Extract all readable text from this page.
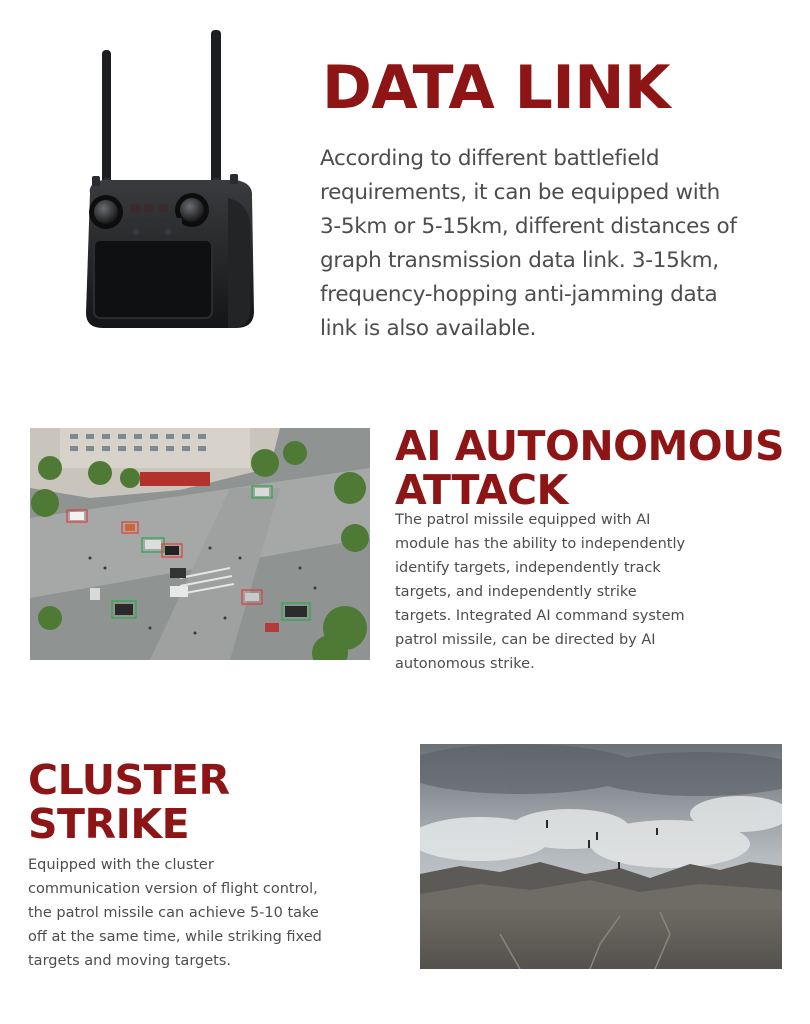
DATA LINK

According to different battlefield
requirements, it can be equipped with
3-5km or 5-15km, different distances of
graph transmission data link. 3-15km,
frequency-hopping anti-jamming data
link is also available.

AI AUTONOMOUS
ATTACK

The patrol missile equipped with AI
module has the ability to independently
identify targets, independently track
targets, and independently strike
targets. Integrated AI command system
patrol missile, can be directed by AI
autonomous strike.

CLUSTER
STRIKE

Equipped with the cluster
communication version of flight control,
the patrol missile can achieve 5-10 take
off at the same time, while striking fixed
targets and moving targets.
